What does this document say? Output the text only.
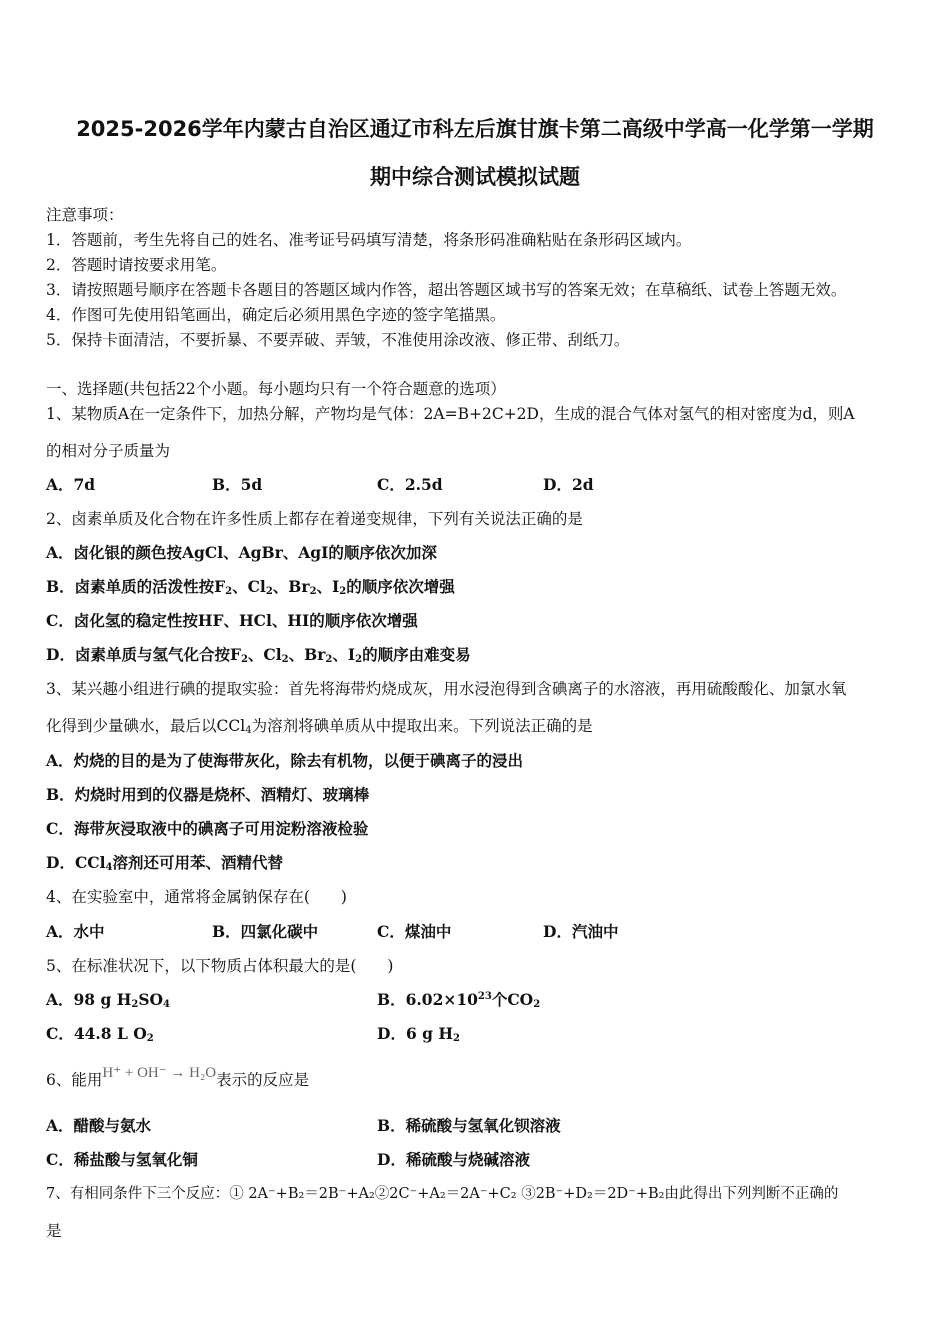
2025-2026学年内蒙古自治区通辽市科左后旗甘旗卡第二高级中学高一化学第一学期
期中综合测试模拟试题
注意事项：
1．答题前，考生先将自己的姓名、准考证号码填写清楚，将条形码准确粘贴在条形码区域内。
2．答题时请按要求用笔。
3．请按照题号顺序在答题卡各题目的答题区域内作答，超出答题区域书写的答案无效；在草稿纸、试卷上答题无效。
4．作图可先使用铅笔画出，确定后必须用黑色字迹的签字笔描黑。
5．保持卡面清洁，不要折暴、不要弄破、弄皱，不准使用涂改液、修正带、刮纸刀。
一、选择题(共包括22个小题。每小题均只有一个符合题意的选项）
1、某物质A在一定条件下，加热分解，产物均是气体：2A=B+2C+2D，生成的混合气体对氢气的相对密度为d，则A
的相对分子质量为
A．7d	B．5d	C．2.5d	D．2d
2、卤素单质及化合物在许多性质上都存在着递变规律，下列有关说法正确的是
A．卤化银的颜色按AgCl、AgBr、AgI的顺序依次加深
B．卤素单质的活泼性按$F_2$、$Cl_2$、$Br_2$、$I_2$的顺序依次增强
C．卤化氢的稳定性按HF、HCl、HI的顺序依次增强
D．卤素单质与氢气化合按$F_2$、$Cl_2$、$Br_2$、$I_2$的顺序由难变易
3、某兴趣小组进行碘的提取实验：首先将海带灼烧成灰，用水浸泡得到含碘离子的水溶液，再用硫酸酸化、加氯水氧
化得到少量碘水，最后以CCl$_4$为溶剂将碘单质从中提取出来。下列说法正确的是
A．灼烧的目的是为了使海带灰化，除去有机物，以便于碘离子的浸出
B．灼烧时用到的仪器是烧杯、酒精灯、玻璃棒
C．海带灰浸取液中的碘离子可用淀粉溶液检验
D．CCl$_4$溶剂还可用苯、酒精代替
4、在实验室中，通常将金属钠保存在(　　)
A．水中	B．四氯化碳中	C．煤油中	D．汽油中
5、在标准状况下，以下物质占体积最大的是(　　)
A．98 g $H_2SO_4$	B．$6.02\times 10^{23}$个$CO_2$
C．44.8 L $O_2$	D．6 g $H_2$
6、能用H⁺ + OH⁻ → H₂O表示的反应是
A．醋酸与氨水	B．稀硫酸与氢氧化钡溶液
C．稀盐酸与氢氧化铜	D．稀硫酸与烧碱溶液
7、有相同条件下三个反应：① 2A⁻+B₂＝2B⁻+A₂②2C⁻+A₂＝2A⁻+C₂ ③2B⁻+D₂＝2D⁻+B₂由此得出下列判断不正确的
是
